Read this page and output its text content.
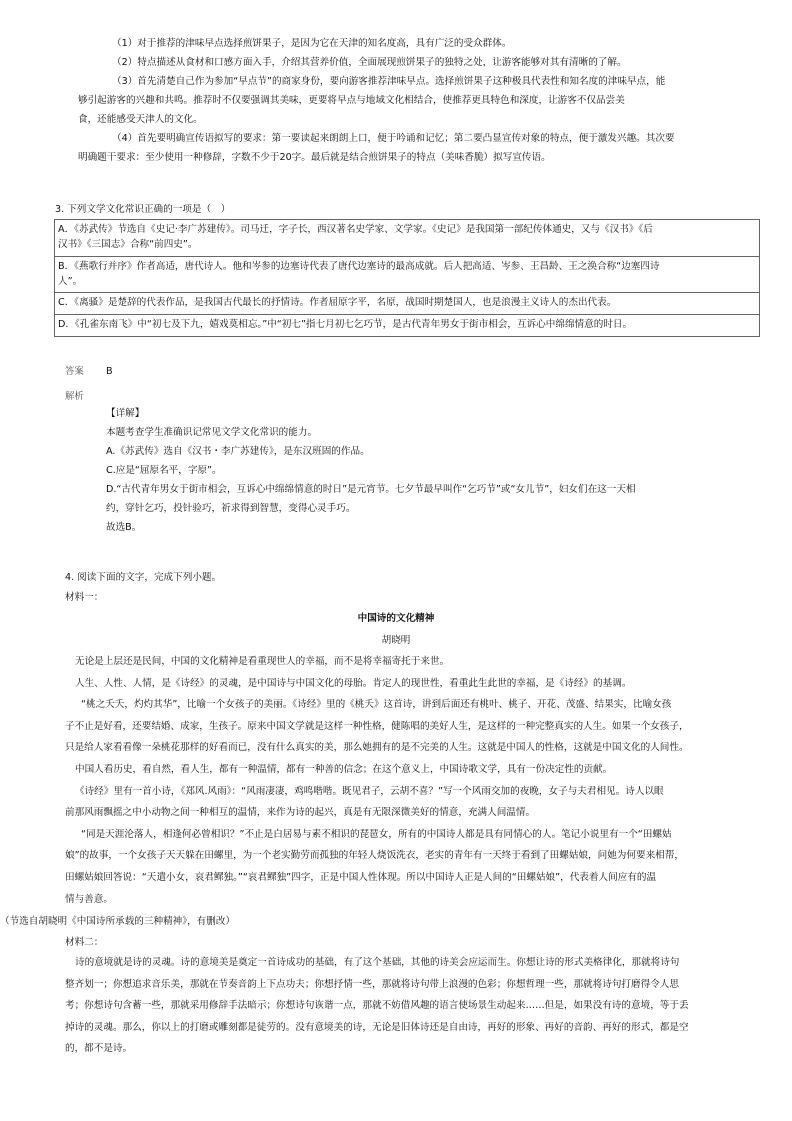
（1）对于推荐的津味早点选择煎饼果子，是因为它在天津的知名度高，具有广泛的受众群体。

（2）特点描述从食材和口感方面入手，介绍其营养价值，全面展现煎饼果子的独特之处，让游客能够对其有清晰的了解。

（3）首先清楚自己作为参加“早点节”的商家身份，要向游客推荐津味早点。选择煎饼果子这种极具代表性和知名度的津味早点，能

够引起游客的兴趣和共鸣。推荐时不仅要强调其美味，更要将早点与地域文化相结合，使推荐更具特色和深度，让游客不仅品尝美

食，还能感受天津人的文化。

（4）首先要明确宣传语拟写的要求：第一要读起来朗朗上口，便于吟诵和记忆；第二要凸显宣传对象的特点，便于激发兴趣。其次要

明确题干要求：至少使用一种修辞，字数不少于20字。最后就是结合煎饼果子的特点（美味香脆）拟写宣传语。

3. 下列文学文化常识正确的一项是（　）

A．《苏武传》节选自《史记·李广苏建传》。司马迁，字子长，西汉著名史学家、文学家。《史记》是我国第一部纪传体通史，又与《汉书》《后
汉书》《三国志》合称“前四史”。

B．《燕歌行并序》作者高适，唐代诗人。他和岑参的边塞诗代表了唐代边塞诗的最高成就。后人把高适、岑参、王昌龄、王之涣合称“边塞四诗
人”。

C．《离骚》是楚辞的代表作品，是我国古代最长的抒情诗。作者屈原字平，名原，战国时期楚国人，也是浪漫主义诗人的杰出代表。

D．《孔雀东南飞》中“初七及下九，嬉戏莫相忘。”中“初七”指七月初七乞巧节，是古代青年男女于街市相会，互诉心中绵绵情意的时日。
答案 B
解析

【详解】

本题考查学生准确识记常见文学文化常识的能力。

A.《苏武传》选自《汉书・李广苏建传》，是东汉班固的作品。

C.应是“屈原名平，字原”。

D.“古代青年男女于街市相会，互诉心中绵绵情意的时日”是元宵节。七夕节最早叫作“乞巧节”或“女儿节”，妇女们在这一天相

约，穿针乞巧，投针验巧，祈求得到智慧，变得心灵手巧。

故选B。

4. 阅读下面的文字，完成下列小题。

材料一：

中国诗的文化精神

胡晓明

无论是上层还是民间，中国的文化精神是看重现世人的幸福，而不是将幸福寄托于来世。

人生、人性、人情，是《诗经》的灵魂，是中国诗与中国文化的母胎。肯定人的现世性，看重此生此世的幸福，是《诗经》的基调。

“桃之夭夭，灼灼其华”，比喻一个女孩子的美丽。《诗经》里的《桃夭》这首诗，讲到后面还有桃叶、桃子、开花、茂盛、结果实，比喻女孩

子不止是好看，还要结婚、成家，生孩子。原来中国文学就是这样一种性格，健陈唱的美好人生，是这样的一种完整真实的人生。如果一个女孩子，

只是给人家看看像一朵桃花那样的好看而已，没有什么真实的美，那么她拥有的是不完美的人生。这就是中国人的性格，这就是中国文化的人间性。

中国人看历史，看自然，看人生，都有一种温情，都有一种善的信念；在这个意义上，中国诗歌文学，具有一份决定性的贡献。

《诗经》里有一首小诗，《郑风.风雨》：“风雨凄凄，鸡鸣喈喈。既见君子，云胡不喜？”写一个风雨交加的夜晚，女子与夫君相见。诗人以眼

前那风雨飘摇之中小动物之间一种相互的温情，来作为诗的起兴，真是有无限深微美好的情意，充满人间温情。

“同是天涯沦落人，相逢何必曾相识？”不止是白居易与素不相识的琵琶女，所有的中国诗人都是具有同情心的人。笔记小说里有一个“田螺姑

娘”的故事，一个女孩子天天躲在田螺里，为一个老实勤劳而孤独的年轻人烧饭洗衣，老实的青年有一天终于看到了田螺姑娘，问她为何要来相帮，

田螺姑娘回答说：“天遣小女，哀君鳏独。”“哀君鳏独”四字，正是中国人性体现。所以中国诗人正是人间的“田螺姑娘”，代表着人间应有的温

情与善意。

（节选自胡晓明《中国诗所承载的三种精神》，有删改）

材料二：

诗的意境就是诗的灵魂。诗的意境美是奠定一首诗成功的基础，有了这个基础，其他的诗美会应运而生。你想让诗的形式美格律化，那就将诗句

整齐划一；你想追求音乐美，那就在节奏音韵上下点功夫；你想抒情一些，那就将诗句带上浪漫的色彩；你想哲理一些，那就将诗句打磨得令人思

考；你想诗句含蓄一些，那就采用修辞手法暗示；你想诗句诙谐一点，那就不妨借风趣的语言使场景生动起来……但是，如果没有诗的意境，等于丢

掉诗的灵魂。那么，你以上的打磨或雕刻都是徒劳的。没有意境美的诗，无论是旧体诗还是自由诗，再好的形象、再好的音韵、再好的形式，都是空

的，都不是诗。
